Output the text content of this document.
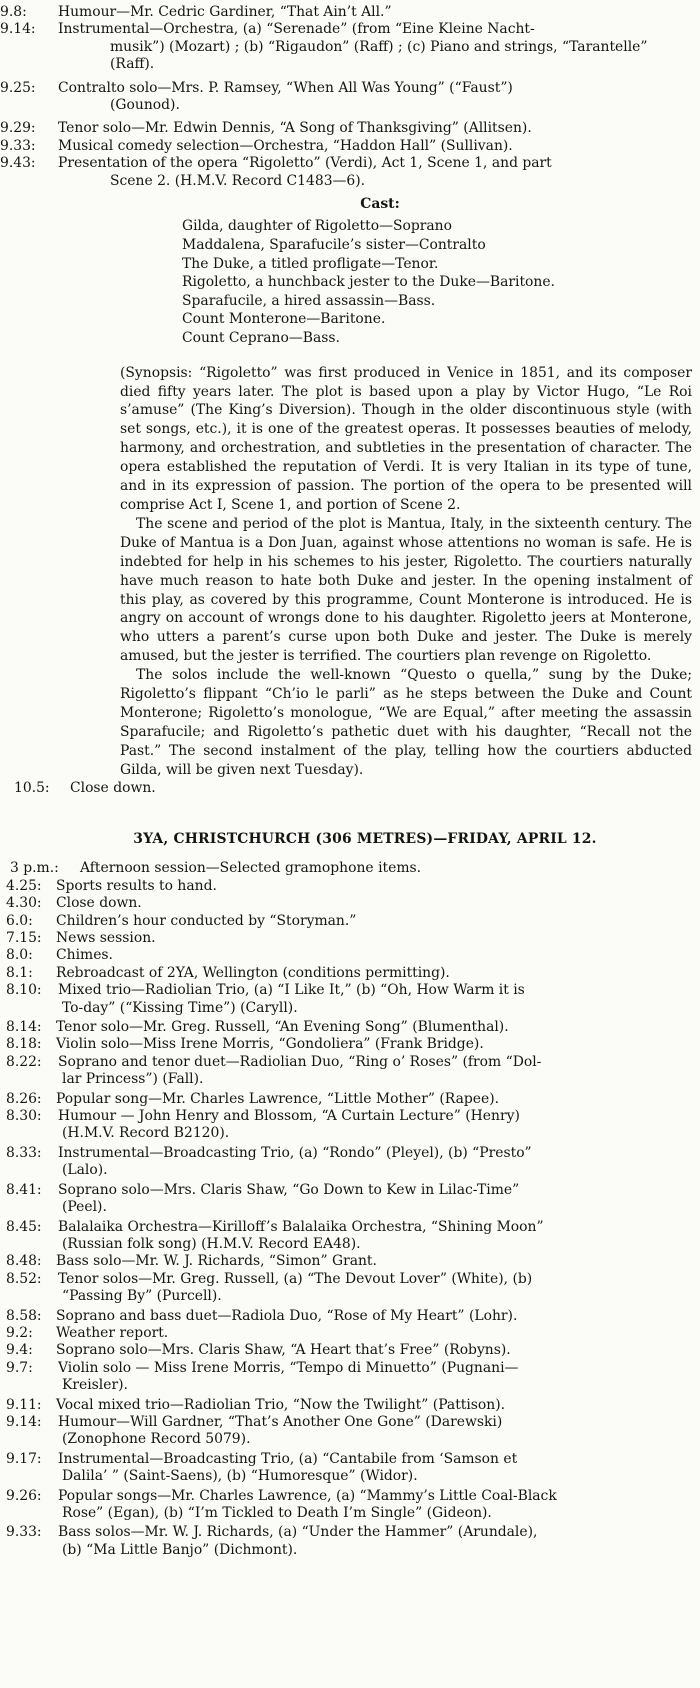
9.8:	Humour—Mr. Cedric Gardiner, “That Ain’t All.”
9.14:	Instrumental—Orchestra, (a) “Serenade” (from “Eine Kleine Nacht-
musik”) (Mozart) ; (b) “Rigaudon” (Raff) ; (c) Piano and strings, “Tarantelle” (Raff).
9.25:	Contralto solo—Mrs. P. Ramsey, “When All Was Young” (“Faust”)
(Gounod).
9.29:	Tenor solo—Mr. Edwin Dennis, “A Song of Thanksgiving” (Allitsen).
9.33:	Musical comedy selection—Orchestra, “Haddon Hall” (Sullivan).
9.43:	Presentation of the opera “Rigoletto” (Verdi), Act 1, Scene 1, and part
Scene 2. (H.M.V. Record C1483—6).
Cast:
Gilda, daughter of Rigoletto—Soprano
Maddalena, Sparafucile’s sister—Contralto
The Duke, a titled profligate—Tenor.
Rigoletto, a hunchback jester to the Duke—Baritone.
Sparafucile, a hired assassin—Bass.
Count Monterone—Baritone.
Count Ceprano—Bass.

(Synopsis: “Rigoletto” was first produced in Venice in 1851, and its composer died fifty years later. The plot is based upon a play by Victor Hugo, “Le Roi s’amuse” (The King’s Diversion). Though in the older discontinuous style (with set songs, etc.), it is one of the greatest operas. It possesses beauties of melody, harmony, and orchestration, and subtleties in the presentation of character. The opera established the reputation of Verdi. It is very Italian in its type of tune, and in its expression of passion. The portion of the opera to be presented will comprise Act I, Scene 1, and portion of Scene 2.

The scene and period of the plot is Mantua, Italy, in the sixteenth century. The Duke of Mantua is a Don Juan, against whose attentions no woman is safe. He is indebted for help in his schemes to his jester, Rigoletto. The courtiers naturally have much reason to hate both Duke and jester. In the opening instalment of this play, as covered by this programme, Count Monterone is introduced. He is angry on account of wrongs done to his daughter. Rigoletto jeers at Monterone, who utters a parent’s curse upon both Duke and jester. The Duke is merely amused, but the jester is terrified. The courtiers plan revenge on Rigoletto.

The solos include the well-known “Questo o quella,” sung by the Duke; Rigoletto’s flippant “Ch’io le parli” as he steps between the Duke and Count Monterone; Rigoletto’s monologue, “We are Equal,” after meeting the assassin Sparafucile; and Rigoletto’s pathetic duet with his daughter, “Recall not the Past.” The second instalment of the play, telling how the courtiers abducted Gilda, will be given next Tuesday).

10.5:	Close down.
3YA, CHRISTCHURCH (306 METRES)—FRIDAY, APRIL 12.
3 p.m.:	Afternoon session—Selected gramophone items.
4.25:	Sports results to hand.
4.30:	Close down.
6.0:	Children’s hour conducted by “Storyman.”
7.15:	News session.
8.0:	Chimes.
8.1:	Rebroadcast of 2YA, Wellington (conditions permitting).
8.10:	Mixed trio—Radiolian Trio, (a) “I Like It,” (b) “Oh, How Warm it is
To-day” (“Kissing Time”) (Caryll).
8.14:	Tenor solo—Mr. Greg. Russell, “An Evening Song” (Blumenthal).
8.18:	Violin solo—Miss Irene Morris, “Gondoliera” (Frank Bridge).
8.22:	Soprano and tenor duet—Radiolian Duo, “Ring o’ Roses” (from “Dol-
lar Princess”) (Fall).
8.26:	Popular song—Mr. Charles Lawrence, “Little Mother” (Rapee).
8.30:	Humour — John Henry and Blossom, “A Curtain Lecture” (Henry)
(H.M.V. Record B2120).
8.33:	Instrumental—Broadcasting Trio, (a) “Rondo” (Pleyel), (b) “Presto”
(Lalo).
8.41:	Soprano solo—Mrs. Claris Shaw, “Go Down to Kew in Lilac-Time”
(Peel).
8.45:	Balalaika Orchestra—Kirilloff’s Balalaika Orchestra, “Shining Moon”
(Russian folk song) (H.M.V. Record EA48).
8.48:	Bass solo—Mr. W. J. Richards, “Simon” Grant.
8.52:	Tenor solos—Mr. Greg. Russell, (a) “The Devout Lover” (White), (b)
“Passing By” (Purcell).
8.58:	Soprano and bass duet—Radiola Duo, “Rose of My Heart” (Lohr).
9.2:	Weather report.
9.4:	Soprano solo—Mrs. Claris Shaw, “A Heart that’s Free” (Robyns).
9.7:	Violin solo — Miss Irene Morris, “Tempo di Minuetto” (Pugnani—
Kreisler).
9.11:	Vocal mixed trio—Radiolian Trio, “Now the Twilight” (Pattison).
9.14:	Humour—Will Gardner, “That’s Another One Gone” (Darewski)
(Zonophone Record 5079).
9.17:	Instrumental—Broadcasting Trio, (a) “Cantabile from ‘Samson et
Dalila’ ” (Saint-Saens), (b) “Humoresque” (Widor).
9.26:	Popular songs—Mr. Charles Lawrence, (a) “Mammy’s Little Coal-Black
Rose” (Egan), (b) “I’m Tickled to Death I’m Single” (Gideon).
9.33:	Bass solos—Mr. W. J. Richards, (a) “Under the Hammer” (Arundale),
(b) “Ma Little Banjo” (Dichmont).
